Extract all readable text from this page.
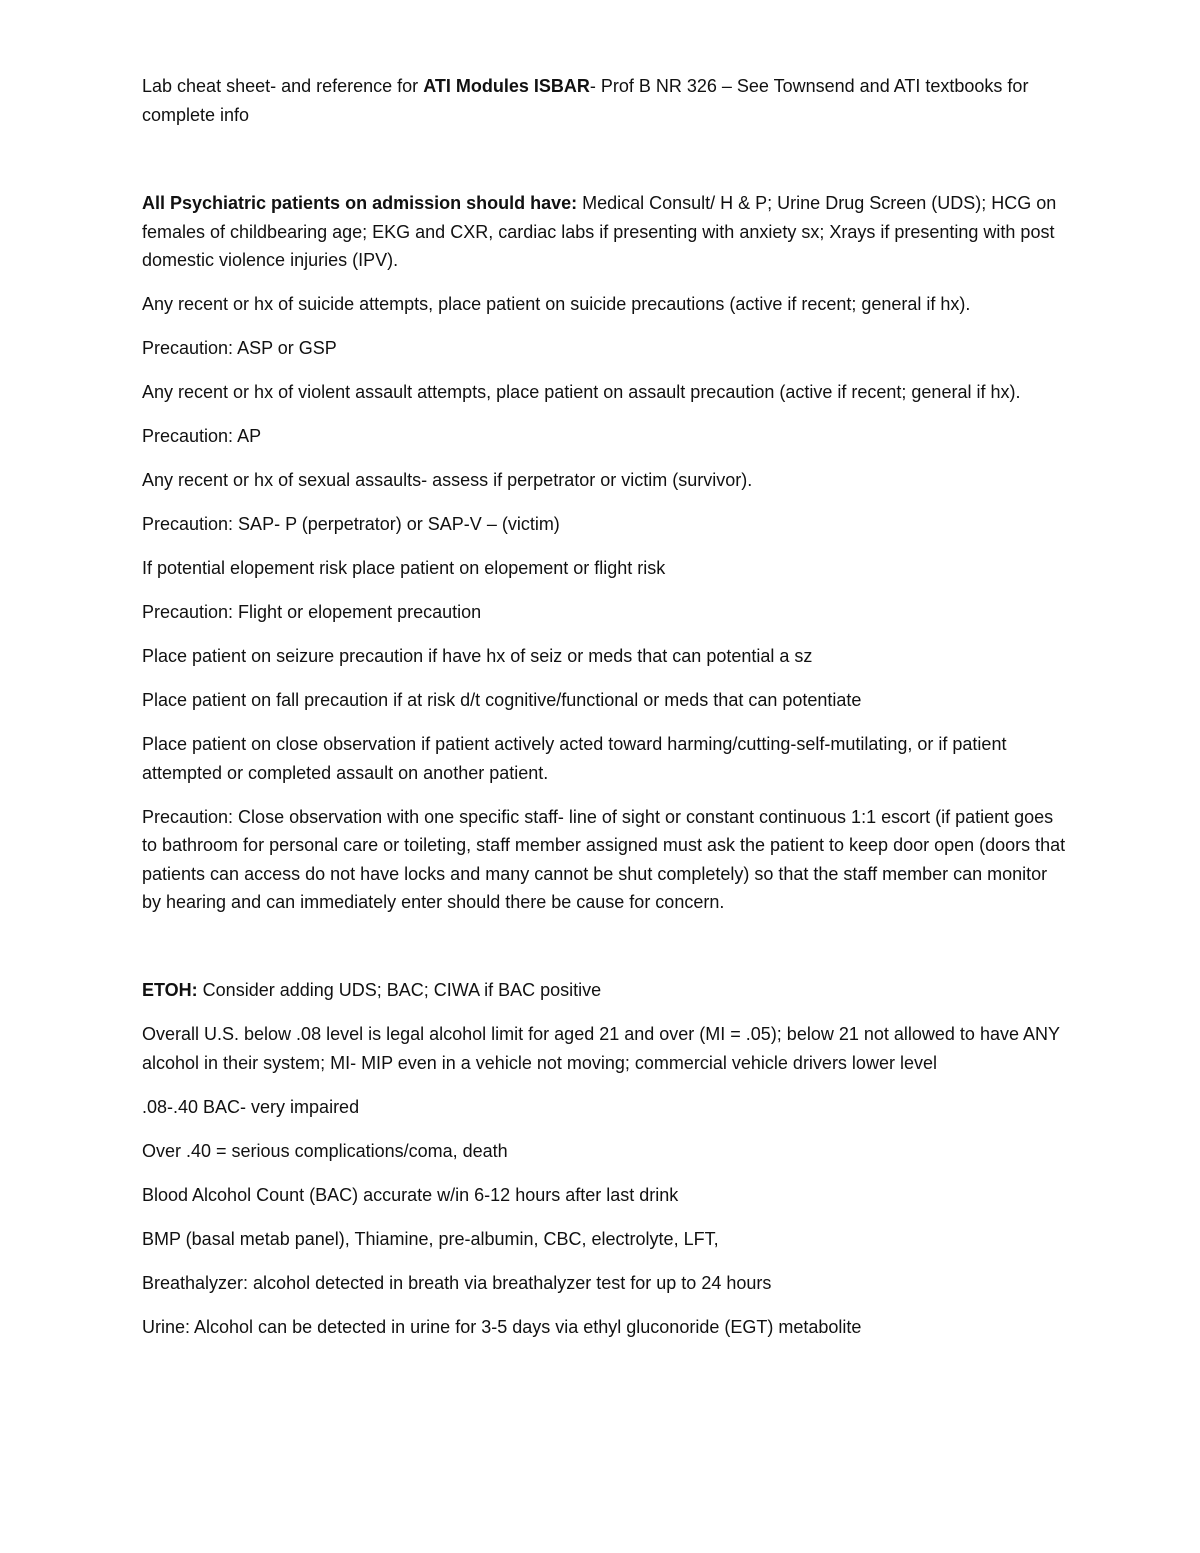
Lab cheat sheet- and reference for ATI Modules ISBAR- Prof B NR 326 – See Townsend and ATI textbooks for complete info

All Psychiatric patients on admission should have: Medical Consult/ H & P; Urine Drug Screen (UDS); HCG on females of childbearing age; EKG and CXR, cardiac labs if presenting with anxiety sx; Xrays if presenting with post domestic violence injuries (IPV).

Any recent or hx of suicide attempts, place patient on suicide precautions (active if recent; general if hx).

Precaution: ASP or GSP

Any recent or hx of violent assault attempts, place patient on assault precaution (active if recent; general if hx).

Precaution: AP

Any recent or hx of sexual assaults- assess if perpetrator or victim (survivor).

Precaution: SAP- P (perpetrator) or SAP-V – (victim)

If potential elopement risk place patient on elopement or flight risk

Precaution: Flight or elopement precaution

Place patient on seizure precaution if have hx of seiz or meds that can potential a sz

Place patient on fall precaution if at risk d/t cognitive/functional or meds that can potentiate

Place patient on close observation if patient actively acted toward harming/cutting-self-mutilating, or if patient attempted or completed assault on another patient.

Precaution: Close observation with one specific staff- line of sight or constant continuous 1:1 escort (if patient goes to bathroom for personal care or toileting, staff member assigned must ask the patient to keep door open (doors that patients can access do not have locks and many cannot be shut completely) so that the staff member can monitor by hearing and can immediately enter should there be cause for concern.

ETOH: Consider adding UDS; BAC; CIWA if BAC positive

Overall U.S. below .08 level is legal alcohol limit for aged 21 and over (MI = .05); below 21 not allowed to have ANY alcohol in their system; MI- MIP even in a vehicle not moving; commercial vehicle drivers lower level

.08-.40 BAC- very impaired

Over .40 = serious complications/coma, death

Blood Alcohol Count (BAC) accurate w/in 6-12 hours after last drink

BMP (basal metab panel), Thiamine, pre-albumin, CBC, electrolyte, LFT,

Breathalyzer: alcohol detected in breath via breathalyzer test for up to 24 hours

Urine: Alcohol can be detected in urine for 3-5 days via ethyl gluconoride (EGT) metabolite
